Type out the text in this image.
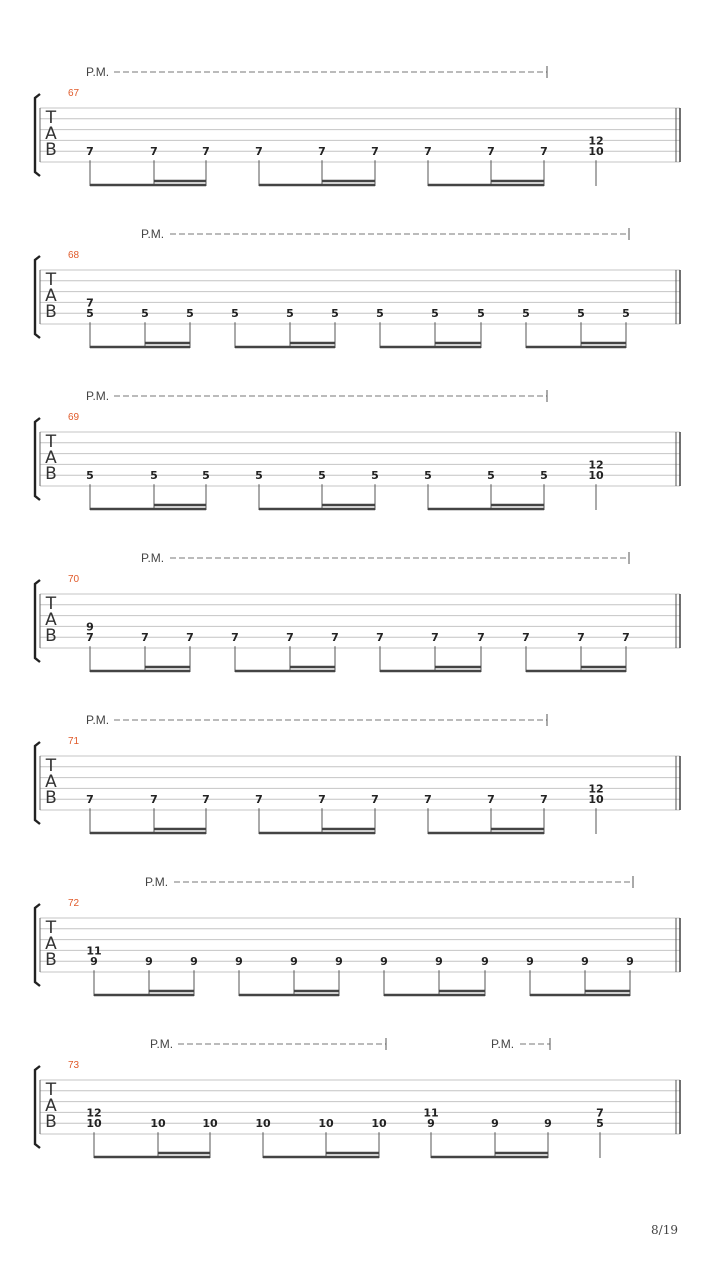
P.M.
67
T
A
B	7	7	7	7	7	7	7	7	7
12
10
P.M.
68
T
A
B	7
5	5	5	5	5	5	5	5	5	5	5	5
P.M.
69
T
A
B	5	5	5	5	5	5	5	5	5
12
10
P.M.
70
T
A
B	9
7	7	7	7	7	7	7	7	7	7	7	7
P.M.
71
T
A
B	7	7	7	7	7	7	7	7	7
12
10
P.M.
72
T
A
B	11
9	9	9	9	9	9	9	9	9	9	9	9
P.M.	P.M.
73
T
A
B	12
10	10	10	10	10	10
11
9	9	9
7
5
8/19
